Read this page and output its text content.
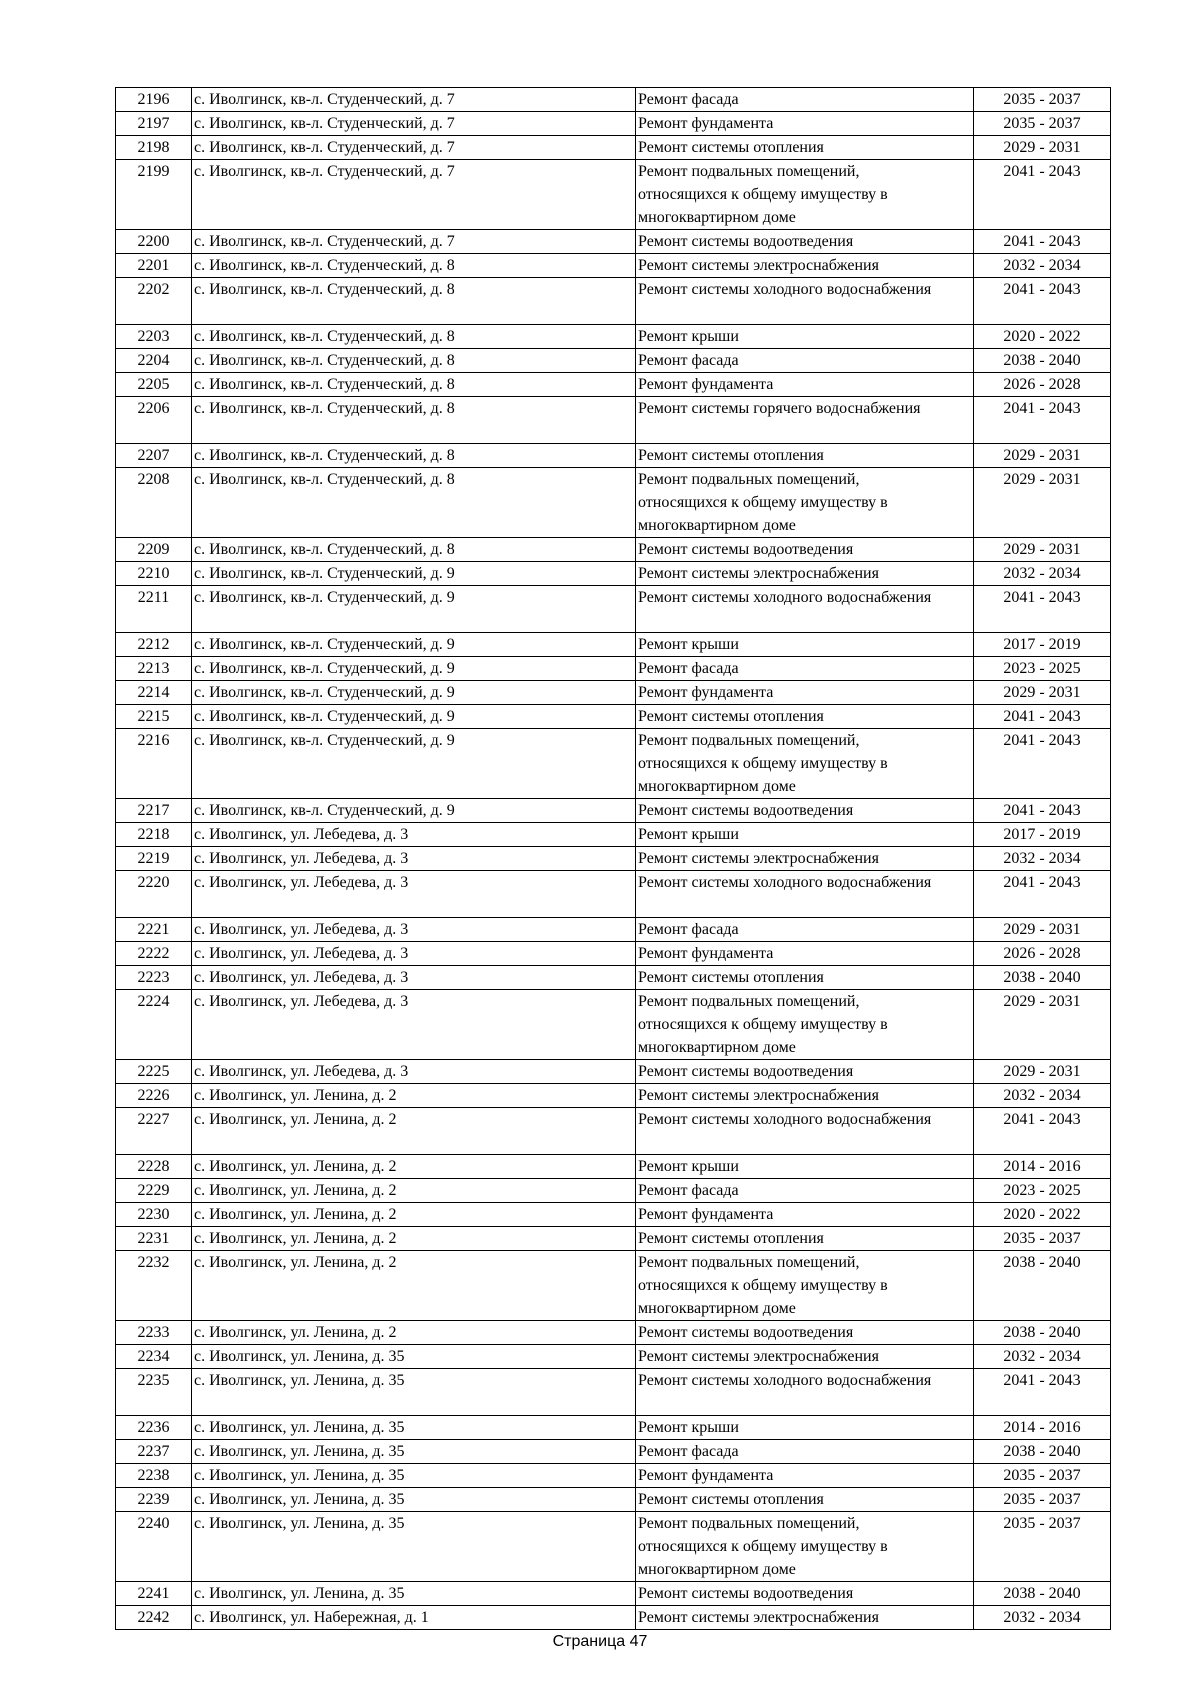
2196	с. Иволгинск, кв-л. Студенческий, д. 7	Ремонт фасада	2035 - 2037
2197	с. Иволгинск, кв-л. Студенческий, д. 7	Ремонт фундамента	2035 - 2037
2198	с. Иволгинск, кв-л. Студенческий, д. 7	Ремонт системы отопления	2029 - 2031
2199	с. Иволгинск, кв-л. Студенческий, д. 7	Ремонт подвальных помещений,
относящихся к общему имуществу в
многоквартирном доме	2041 - 2043
2200	с. Иволгинск, кв-л. Студенческий, д. 7	Ремонт системы водоотведения	2041 - 2043
2201	с. Иволгинск, кв-л. Студенческий, д. 8	Ремонт системы электроснабжения	2032 - 2034
2202	с. Иволгинск, кв-л. Студенческий, д. 8	Ремонт системы холодного водоснабжения	2041 - 2043
2203	с. Иволгинск, кв-л. Студенческий, д. 8	Ремонт крыши	2020 - 2022
2204	с. Иволгинск, кв-л. Студенческий, д. 8	Ремонт фасада	2038 - 2040
2205	с. Иволгинск, кв-л. Студенческий, д. 8	Ремонт фундамента	2026 - 2028
2206	с. Иволгинск, кв-л. Студенческий, д. 8	Ремонт системы горячего водоснабжения	2041 - 2043
2207	с. Иволгинск, кв-л. Студенческий, д. 8	Ремонт системы отопления	2029 - 2031
2208	с. Иволгинск, кв-л. Студенческий, д. 8	Ремонт подвальных помещений,
относящихся к общему имуществу в
многоквартирном доме	2029 - 2031
2209	с. Иволгинск, кв-л. Студенческий, д. 8	Ремонт системы водоотведения	2029 - 2031
2210	с. Иволгинск, кв-л. Студенческий, д. 9	Ремонт системы электроснабжения	2032 - 2034
2211	с. Иволгинск, кв-л. Студенческий, д. 9	Ремонт системы холодного водоснабжения	2041 - 2043
2212	с. Иволгинск, кв-л. Студенческий, д. 9	Ремонт крыши	2017 - 2019
2213	с. Иволгинск, кв-л. Студенческий, д. 9	Ремонт фасада	2023 - 2025
2214	с. Иволгинск, кв-л. Студенческий, д. 9	Ремонт фундамента	2029 - 2031
2215	с. Иволгинск, кв-л. Студенческий, д. 9	Ремонт системы отопления	2041 - 2043
2216	с. Иволгинск, кв-л. Студенческий, д. 9	Ремонт подвальных помещений,
относящихся к общему имуществу в
многоквартирном доме	2041 - 2043
2217	с. Иволгинск, кв-л. Студенческий, д. 9	Ремонт системы водоотведения	2041 - 2043
2218	с. Иволгинск, ул. Лебедева, д. 3	Ремонт крыши	2017 - 2019
2219	с. Иволгинск, ул. Лебедева, д. 3	Ремонт системы электроснабжения	2032 - 2034
2220	с. Иволгинск, ул. Лебедева, д. 3	Ремонт системы холодного водоснабжения	2041 - 2043
2221	с. Иволгинск, ул. Лебедева, д. 3	Ремонт фасада	2029 - 2031
2222	с. Иволгинск, ул. Лебедева, д. 3	Ремонт фундамента	2026 - 2028
2223	с. Иволгинск, ул. Лебедева, д. 3	Ремонт системы отопления	2038 - 2040
2224	с. Иволгинск, ул. Лебедева, д. 3	Ремонт подвальных помещений,
относящихся к общему имуществу в
многоквартирном доме	2029 - 2031
2225	с. Иволгинск, ул. Лебедева, д. 3	Ремонт системы водоотведения	2029 - 2031
2226	с. Иволгинск, ул. Ленина, д. 2	Ремонт системы электроснабжения	2032 - 2034
2227	с. Иволгинск, ул. Ленина, д. 2	Ремонт системы холодного водоснабжения	2041 - 2043
2228	с. Иволгинск, ул. Ленина, д. 2	Ремонт крыши	2014 - 2016
2229	с. Иволгинск, ул. Ленина, д. 2	Ремонт фасада	2023 - 2025
2230	с. Иволгинск, ул. Ленина, д. 2	Ремонт фундамента	2020 - 2022
2231	с. Иволгинск, ул. Ленина, д. 2	Ремонт системы отопления	2035 - 2037
2232	с. Иволгинск, ул. Ленина, д. 2	Ремонт подвальных помещений,
относящихся к общему имуществу в
многоквартирном доме	2038 - 2040
2233	с. Иволгинск, ул. Ленина, д. 2	Ремонт системы водоотведения	2038 - 2040
2234	с. Иволгинск, ул. Ленина, д. 35	Ремонт системы электроснабжения	2032 - 2034
2235	с. Иволгинск, ул. Ленина, д. 35	Ремонт системы холодного водоснабжения	2041 - 2043
2236	с. Иволгинск, ул. Ленина, д. 35	Ремонт крыши	2014 - 2016
2237	с. Иволгинск, ул. Ленина, д. 35	Ремонт фасада	2038 - 2040
2238	с. Иволгинск, ул. Ленина, д. 35	Ремонт фундамента	2035 - 2037
2239	с. Иволгинск, ул. Ленина, д. 35	Ремонт системы отопления	2035 - 2037
2240	с. Иволгинск, ул. Ленина, д. 35	Ремонт подвальных помещений,
относящихся к общему имуществу в
многоквартирном доме	2035 - 2037
2241	с. Иволгинск, ул. Ленина, д. 35	Ремонт системы водоотведения	2038 - 2040
2242	с. Иволгинск, ул. Набережная, д. 1	Ремонт системы электроснабжения	2032 - 2034
Страница 47
